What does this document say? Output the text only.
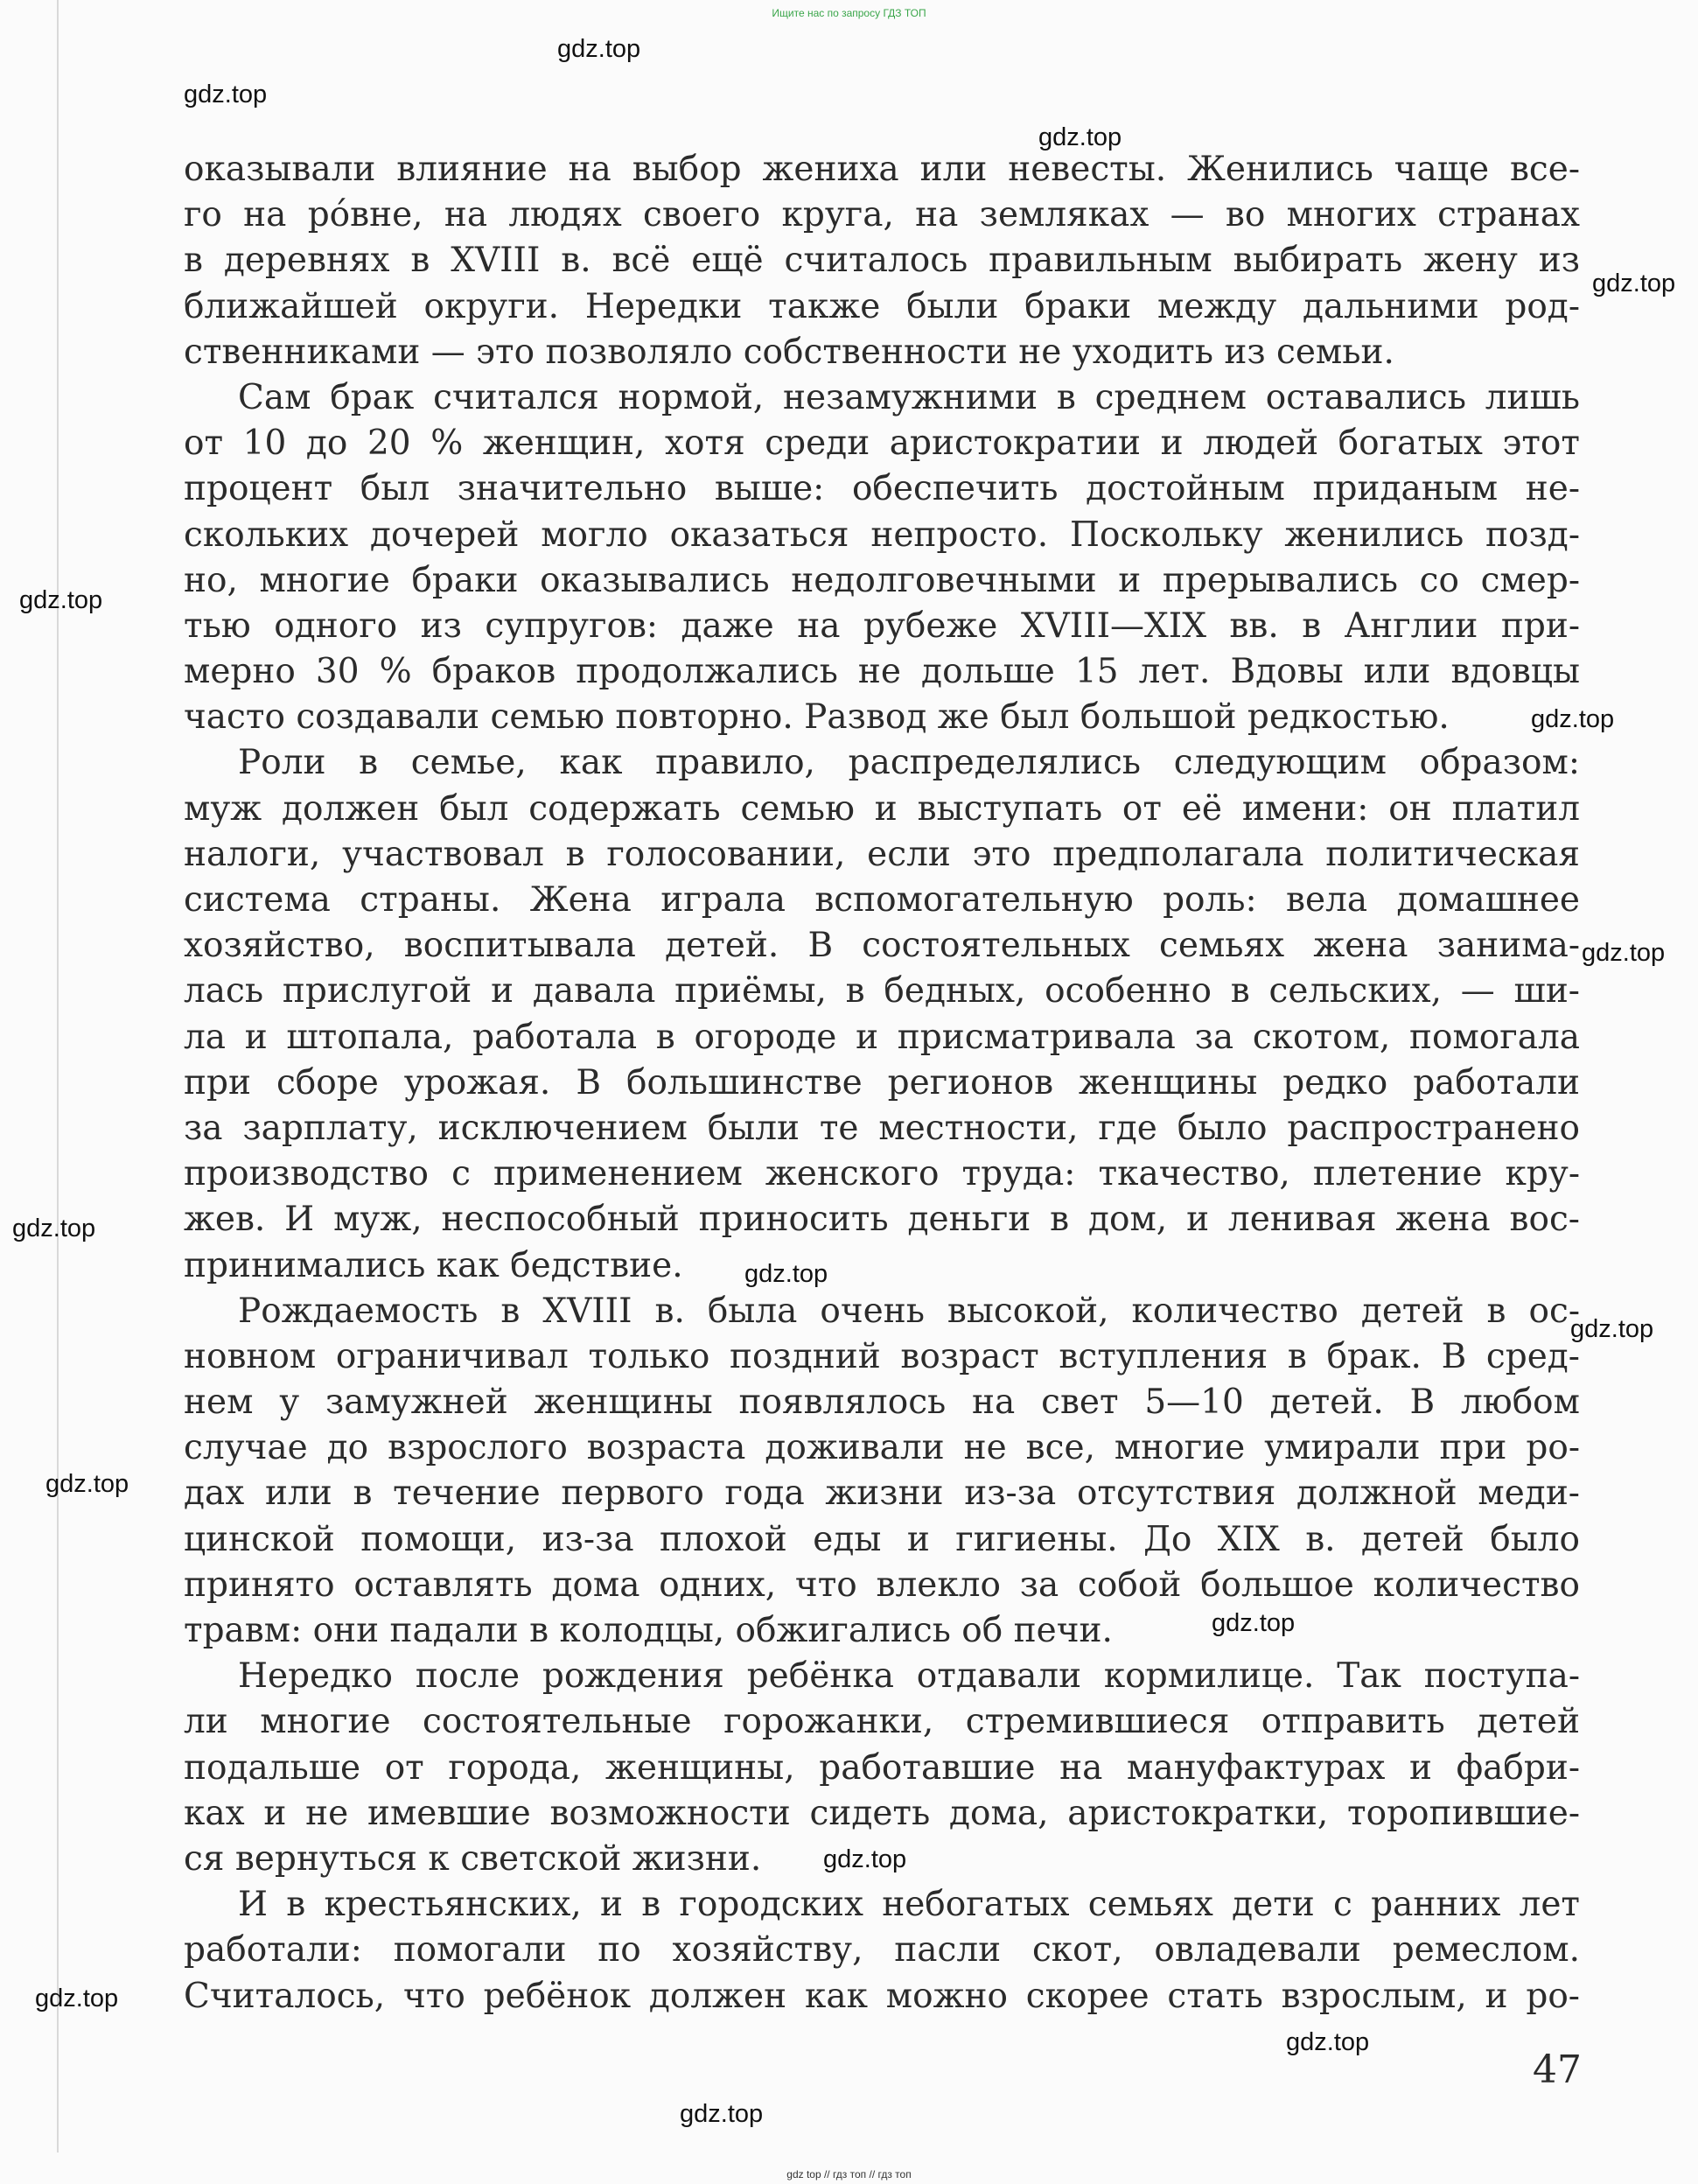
Ищите нас по запросу ГДЗ ТОП
оказывали влияние на выбор жениха или невесты. Женились чаще все-
го на ро́вне, на людях своего круга, на земляках — во многих странах
в деревнях в XVIII в. всё ещё считалось правильным выбирать жену из
ближайшей округи. Нередки также были браки между дальними род-
ственниками — это позволяло собственности не уходить из семьи.
Сам брак считался нормой, незамужними в среднем оставались лишь
от 10 до 20 % женщин, хотя среди аристократии и людей богатых этот
процент был значительно выше: обеспечить достойным приданым не-
скольких дочерей могло оказаться непросто. Поскольку женились позд-
но, многие браки оказывались недолговечными и прерывались со смер-
тью одного из супругов: даже на рубеже XVIII—XIX вв. в Англии при-
мерно 30 % браков продолжались не дольше 15 лет. Вдовы или вдовцы
часто создавали семью повторно. Развод же был большой редкостью.
Роли в семье, как правило, распределялись следующим образом:
муж должен был содержать семью и выступать от её имени: он платил
налоги, участвовал в голосовании, если это предполагала политическая
система страны. Жена играла вспомогательную роль: вела домашнее
хозяйство, воспитывала детей. В состоятельных семьях жена занима-
лась прислугой и давала приёмы, в бедных, особенно в сельских, — ши-
ла и штопала, работала в огороде и присматривала за скотом, помогала
при сборе урожая. В большинстве регионов женщины редко работали
за зарплату, исключением были те местности, где было распространено
производство с применением женского труда: ткачество, плетение кру-
жев. И муж, неспособный приносить деньги в дом, и ленивая жена вос-
принимались как бедствие.
Рождаемость в XVIII в. была очень высокой, количество детей в ос-
новном ограничивал только поздний возраст вступления в брак. В сред-
нем у замужней женщины появлялось на свет 5—10 детей. В любом
случае до взрослого возраста доживали не все, многие умирали при ро-
дах или в течение первого года жизни из-за отсутствия должной меди-
цинской помощи, из-за плохой еды и гигиены. До XIX в. детей было
принято оставлять дома одних, что влекло за собой большое количество
травм: они падали в колодцы, обжигались об печи.
Нередко после рождения ребёнка отдавали кормилице. Так поступа-
ли многие состоятельные горожанки, стремившиеся отправить детей
подальше от города, женщины, работавшие на мануфактурах и фабри-
ках и не имевшие возможности сидеть дома, аристократки, торопившие-
ся вернуться к светской жизни.
И в крестьянских, и в городских небогатых семьях дети с ранних лет
работали: помогали по хозяйству, пасли скот, овладевали ремеслом.
Считалось, что ребёнок должен как можно скорее стать взрослым, и ро-
47
gdz.top
gdz.top
gdz.top
gdz.top
gdz.top
gdz.top
gdz.top
gdz.top
gdz.top
gdz.top
gdz.top
gdz.top
gdz.top
gdz.top
gdz.top
gdz.top
gdz top // гдз топ // гдз топ
